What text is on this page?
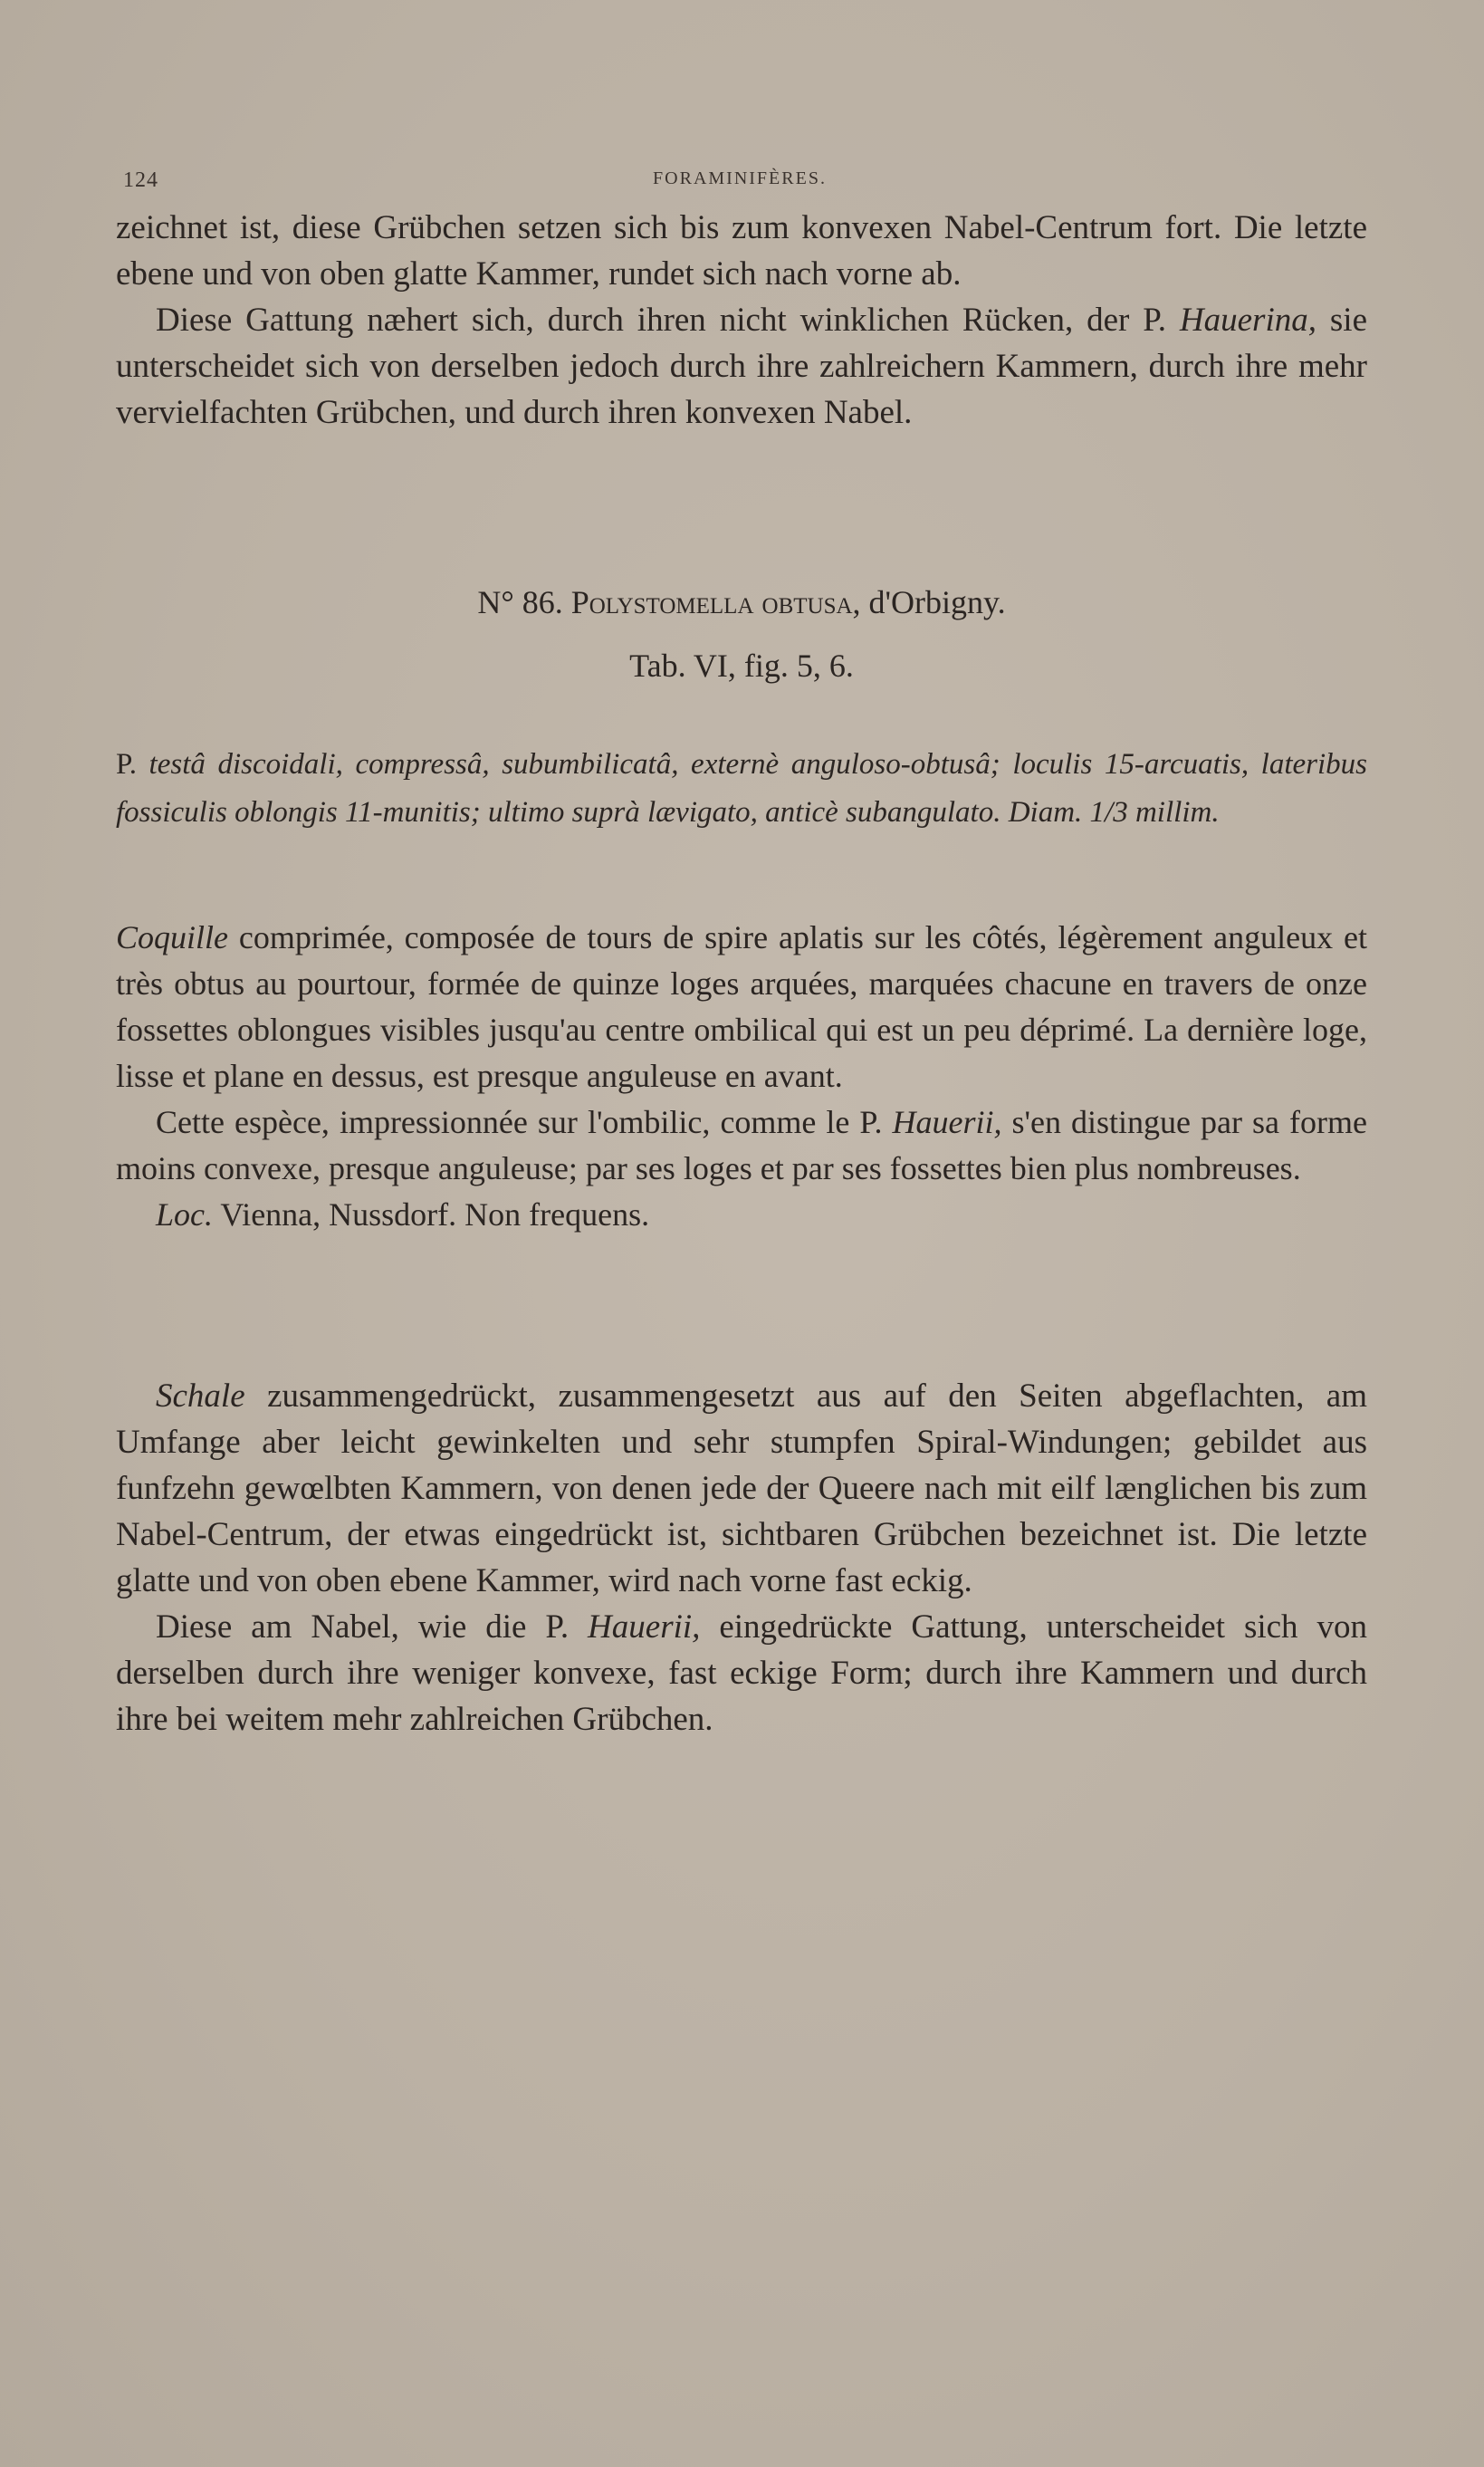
124	FORAMINIFÈRES.

zeichnet ist, diese Grübchen setzen sich bis zum konvexen Nabel-Centrum fort. Die letzte ebene und von oben glatte Kammer, rundet sich nach vorne ab.

Diese Gattung næhert sich, durch ihren nicht winklichen Rücken, der P. Hauerina, sie unterscheidet sich von derselben jedoch durch ihre zahlreichern Kammern, durch ihre mehr vervielfachten Grübchen, und durch ihren konvexen Nabel.

N° 86. Polystomella obtusa, d'Orbigny.
Tab. VI, fig. 5, 6.
P. testâ discoidali, compressâ, subumbilicatâ, externè anguloso-obtusâ; loculis 15-arcuatis, lateribus fossiculis oblongis 11-munitis; ultimo suprà lævigato, anticè subangulato. Diam. 1/3 millim.

Coquille comprimée, composée de tours de spire aplatis sur les côtés, légèrement anguleux et très obtus au pourtour, formée de quinze loges arquées, marquées chacune en travers de onze fossettes oblongues visibles jusqu'au centre ombilical qui est un peu déprimé. La dernière loge, lisse et plane en dessus, est presque anguleuse en avant.

Cette espèce, impressionnée sur l'ombilic, comme le P. Hauerii, s'en distingue par sa forme moins convexe, presque anguleuse; par ses loges et par ses fossettes bien plus nombreuses.

Loc. Vienna, Nussdorf. Non frequens.

Schale zusammengedrückt, zusammengesetzt aus auf den Seiten abgeflachten, am Umfange aber leicht gewinkelten und sehr stumpfen Spiral-Windungen; gebildet aus funfzehn gewœlbten Kammern, von denen jede der Queere nach mit eilf længlichen bis zum Nabel-Centrum, der etwas eingedrückt ist, sichtbaren Grübchen bezeichnet ist. Die letzte glatte und von oben ebene Kammer, wird nach vorne fast eckig.

Diese am Nabel, wie die P. Hauerii, eingedrückte Gattung, unterscheidet sich von derselben durch ihre weniger konvexe, fast eckige Form; durch ihre Kammern und durch ihre bei weitem mehr zahlreichen Grübchen.
